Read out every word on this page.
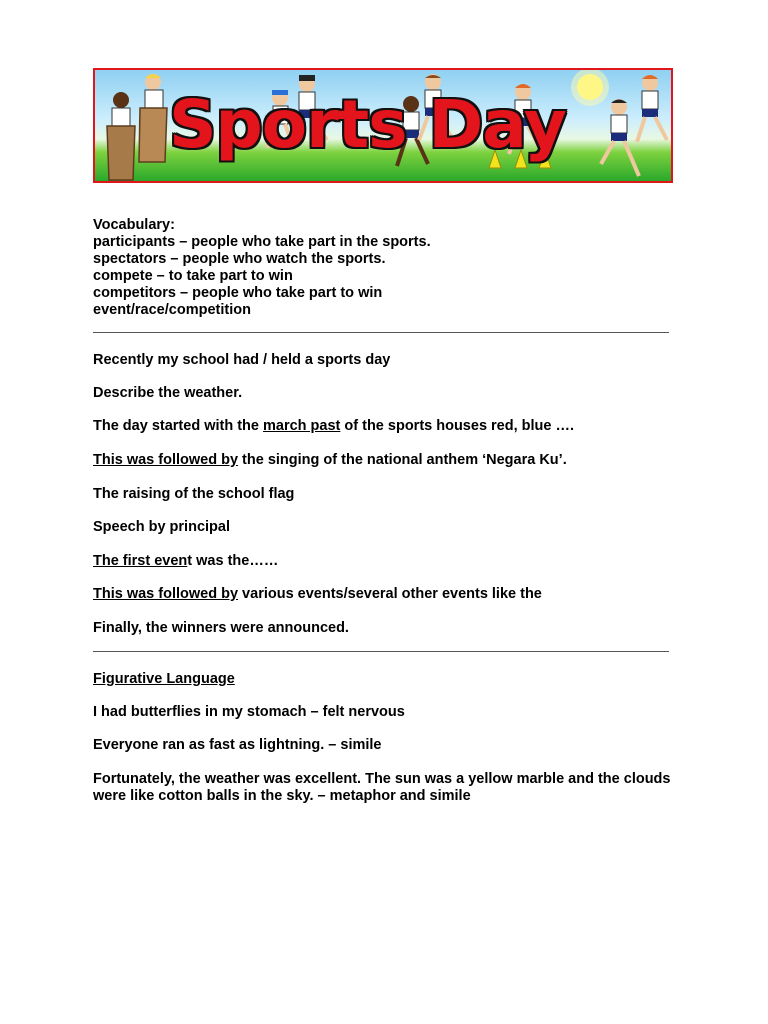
Sports Day
Vocabulary:
participants – people who take part in the sports.
spectators – people who watch the sports.
compete – to take part to win
competitors – people who take part to win
event/race/competition
Recently my school had / held a sports day
Describe the weather.
The day started with the march past of the sports houses red, blue ….
This was followed by the singing of the national anthem ‘Negara Ku’.
The raising of the school flag
Speech by principal
The first event was the……
This was followed by various events/several other events like the
Finally, the winners were announced.
Figurative Language
I had butterflies in my stomach – felt nervous
Everyone ran as fast as lightning. – simile
Fortunately, the weather was excellent. The sun was a yellow marble and the clouds were like cotton balls in the sky. – metaphor and simile
